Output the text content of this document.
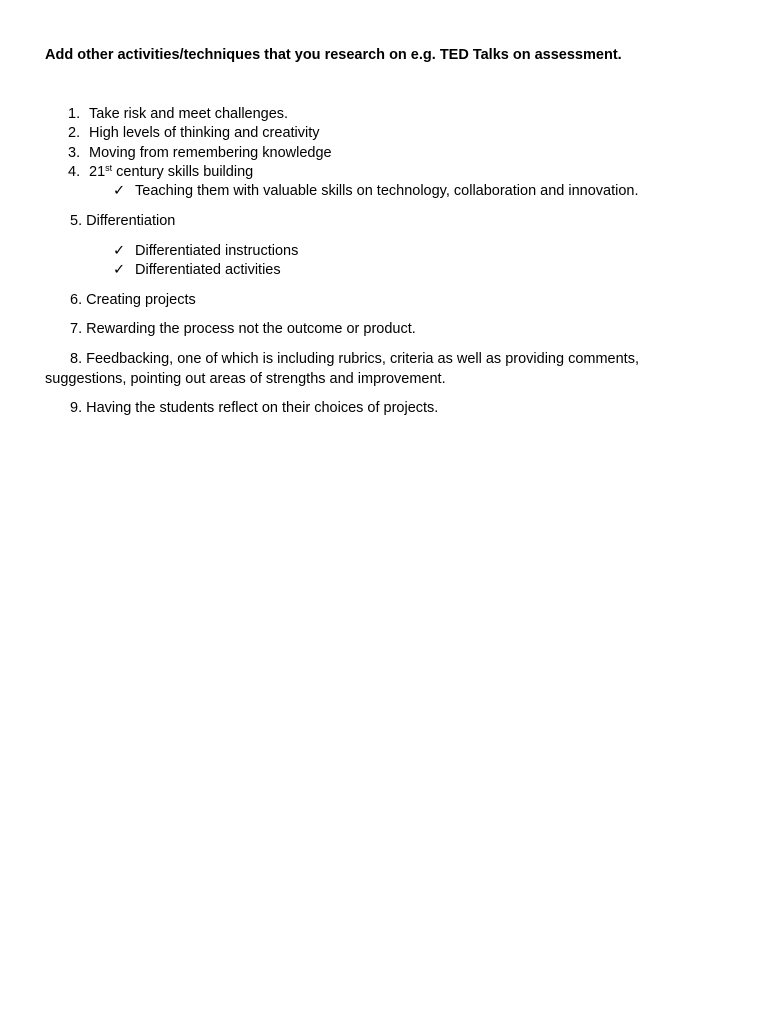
Add other activities/techniques that you research on e.g. TED Talks on assessment.
1. Take risk and meet challenges.
2. High levels of thinking and creativity
3. Moving from remembering knowledge
4. 21st century skills building
✓ Teaching them with valuable skills on technology, collaboration and innovation.
5. Differentiation
✓ Differentiated instructions
✓ Differentiated activities
6. Creating projects
7. Rewarding the process not the outcome or product.
8. Feedbacking, one of which is including rubrics, criteria as well as providing comments,
suggestions, pointing out areas of strengths and improvement.
9. Having the students reflect on their choices of projects.
